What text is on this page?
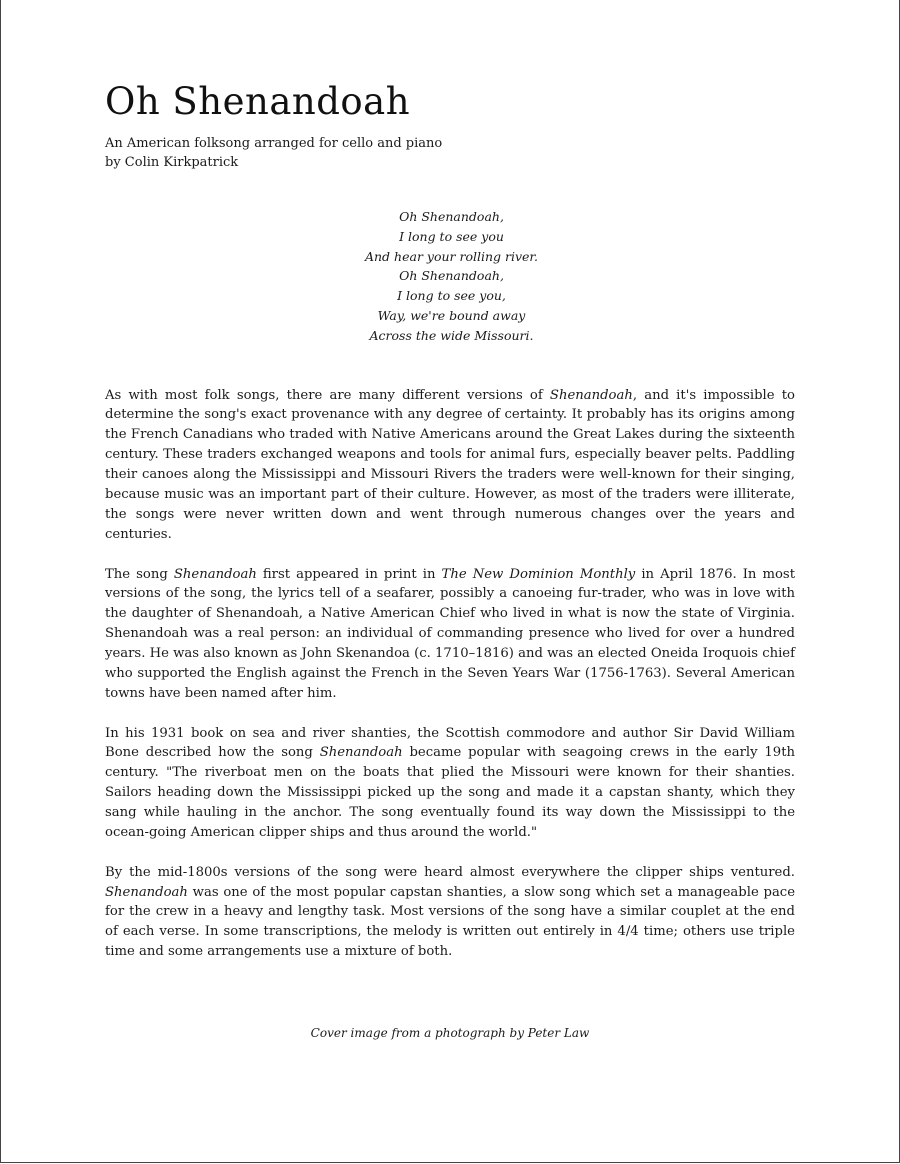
Oh Shenandoah
An American folksong arranged for cello and piano
by Colin Kirkpatrick
Oh Shenandoah,
I long to see you
And hear your rolling river.
Oh Shenandoah,
I long to see you,
Way, we're bound away
Across the wide Missouri.

As with most folk songs, there are many different versions of Shenandoah, and it's impossible to determine the song's exact provenance with any degree of certainty. It probably has its origins among the French Canadians who traded with Native Americans around the Great Lakes during the sixteenth century. These traders exchanged weapons and tools for animal furs, especially beaver pelts. Paddling their canoes along the Mississippi and Missouri Rivers the traders were well-known for their singing, because music was an important part of their culture. However, as most of the traders were illiterate, the songs were never written down and went through numerous changes over the years and centuries.

The song Shenandoah first appeared in print in The New Dominion Monthly in April 1876. In most versions of the song, the lyrics tell of a seafarer, possibly a canoeing fur-trader, who was in love with the daughter of Shenandoah, a Native American Chief who lived in what is now the state of Virginia. Shenandoah was a real person: an individual of commanding presence who lived for over a hundred years. He was also known as John Skenandoa (c. 1710–1816) and was an elected Oneida Iroquois chief who supported the English against the French in the Seven Years War (1756-1763). Several American towns have been named after him.

In his 1931 book on sea and river shanties, the Scottish commodore and author Sir David William Bone described how the song Shenandoah became popular with seagoing crews in the early 19th century. "The riverboat men on the boats that plied the Missouri were known for their shanties. Sailors heading down the Mississippi picked up the song and made it a capstan shanty, which they sang while hauling in the anchor. The song eventually found its way down the Mississippi to the ocean-going American clipper ships and thus around the world."

By the mid-1800s versions of the song were heard almost everywhere the clipper ships ventured. Shenandoah was one of the most popular capstan shanties, a slow song which set a manageable pace for the crew in a heavy and lengthy task. Most versions of the song have a similar couplet at the end of each verse. In some transcriptions, the melody is written out entirely in 4/4 time; others use triple time and some arrangements use a mixture of both.

Cover image from a photograph by Peter Law
